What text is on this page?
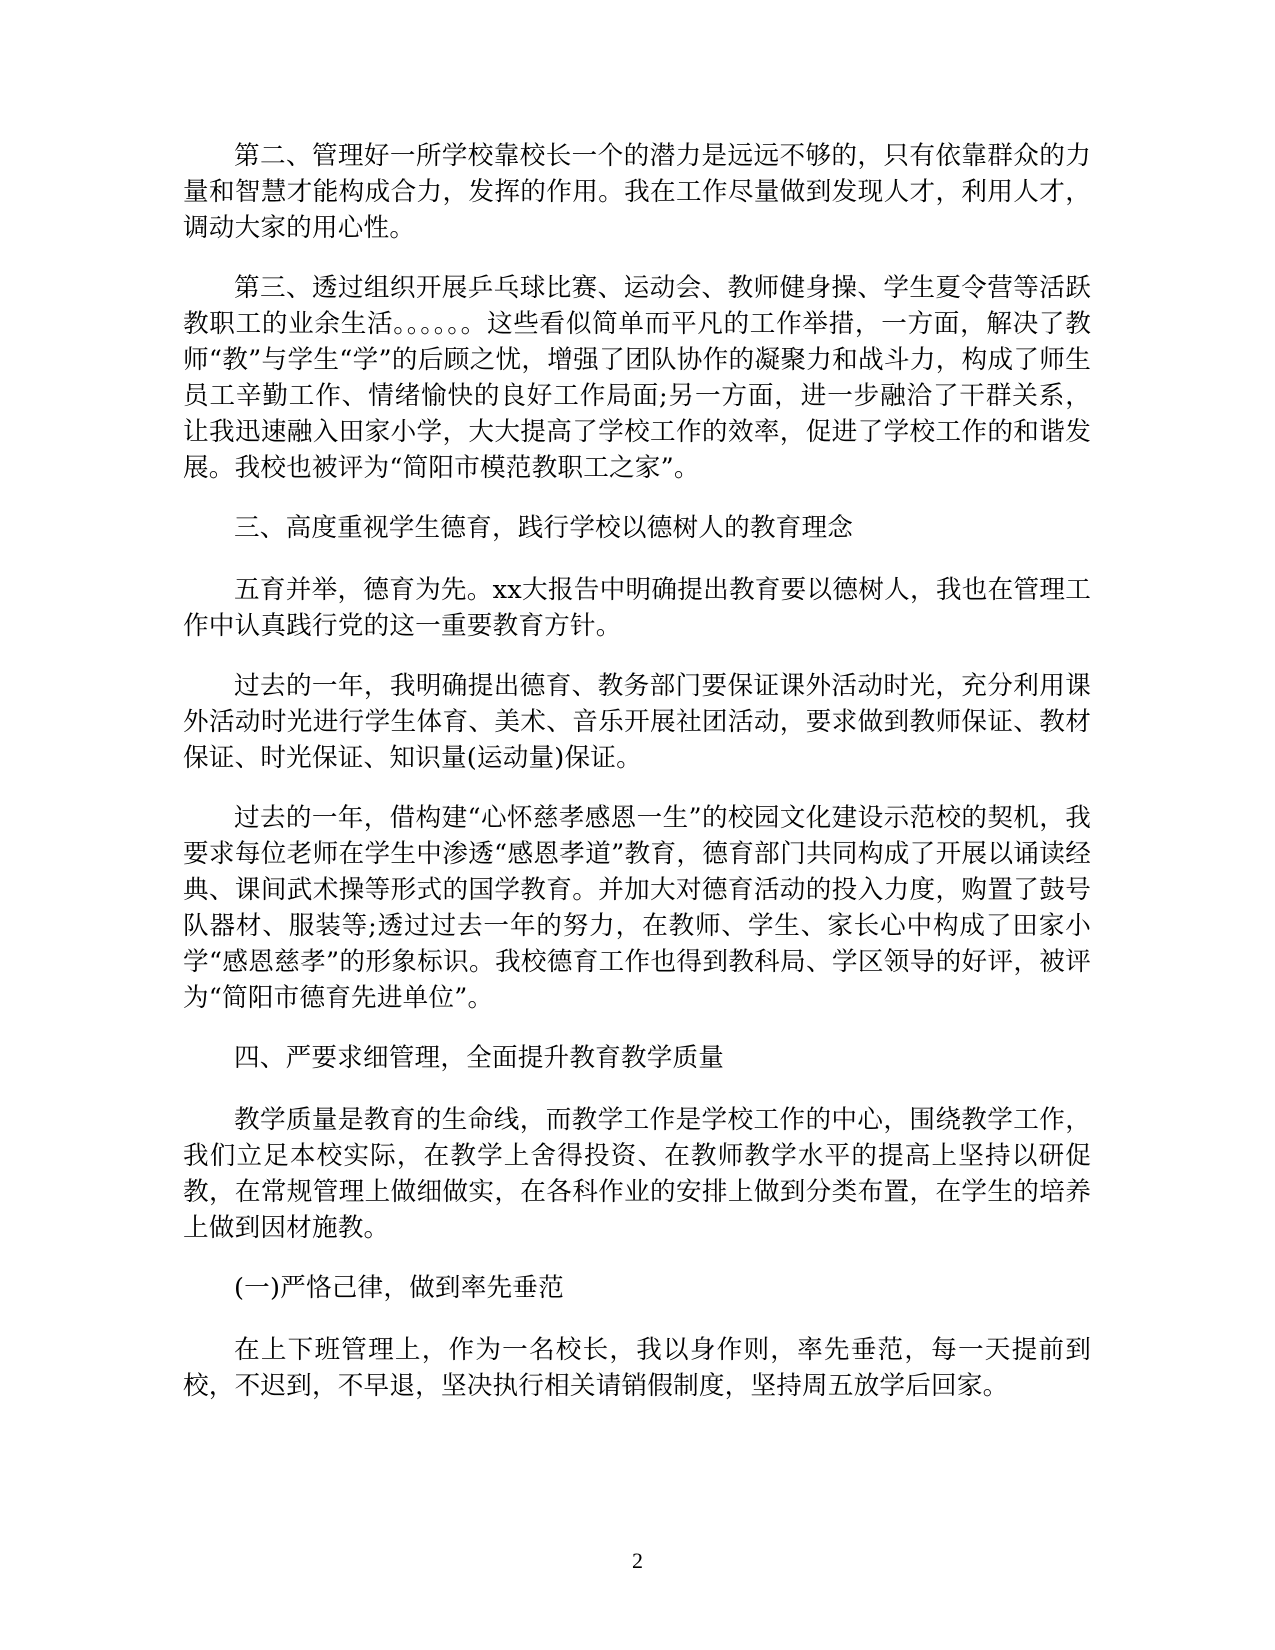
第二、管理好一所学校靠校长一个的潜力是远远不够的，只有依靠群众的力量和智慧才能构成合力，发挥的作用。我在工作尽量做到发现人才，利用人才，调动大家的用心性。

第三、透过组织开展乒乓球比赛、运动会、教师健身操、学生夏令营等活跃教职工的业余生活。。。。。。这些看似简单而平凡的工作举措，一方面，解决了教师“教”与学生“学”的后顾之忧，增强了团队协作的凝聚力和战斗力，构成了师生员工辛勤工作、情绪愉快的良好工作局面;另一方面，进一步融洽了干群关系，让我迅速融入田家小学，大大提高了学校工作的效率，促进了学校工作的和谐发展。我校也被评为“简阳市模范教职工之家”。

三、高度重视学生德育，践行学校以德树人的教育理念

五育并举，德育为先。xx大报告中明确提出教育要以德树人，我也在管理工作中认真践行党的这一重要教育方针。

过去的一年，我明确提出德育、教务部门要保证课外活动时光，充分利用课外活动时光进行学生体育、美术、音乐开展社团活动，要求做到教师保证、教材保证、时光保证、知识量(运动量)保证。

过去的一年，借构建“心怀慈孝感恩一生”的校园文化建设示范校的契机，我要求每位老师在学生中渗透“感恩孝道”教育，德育部门共同构成了开展以诵读经典、课间武术操等形式的国学教育。并加大对德育活动的投入力度，购置了鼓号队器材、服装等;透过过去一年的努力，在教师、学生、家长心中构成了田家小学“感恩慈孝”的形象标识。我校德育工作也得到教科局、学区领导的好评，被评为“简阳市德育先进单位”。

四、严要求细管理，全面提升教育教学质量

教学质量是教育的生命线，而教学工作是学校工作的中心，围绕教学工作，我们立足本校实际，在教学上舍得投资、在教师教学水平的提高上坚持以研促教，在常规管理上做细做实，在各科作业的安排上做到分类布置，在学生的培养上做到因材施教。

(一)严恪己律，做到率先垂范

在上下班管理上，作为一名校长，我以身作则，率先垂范，每一天提前到校，不迟到，不早退，坚决执行相关请销假制度，坚持周五放学后回家。

2
